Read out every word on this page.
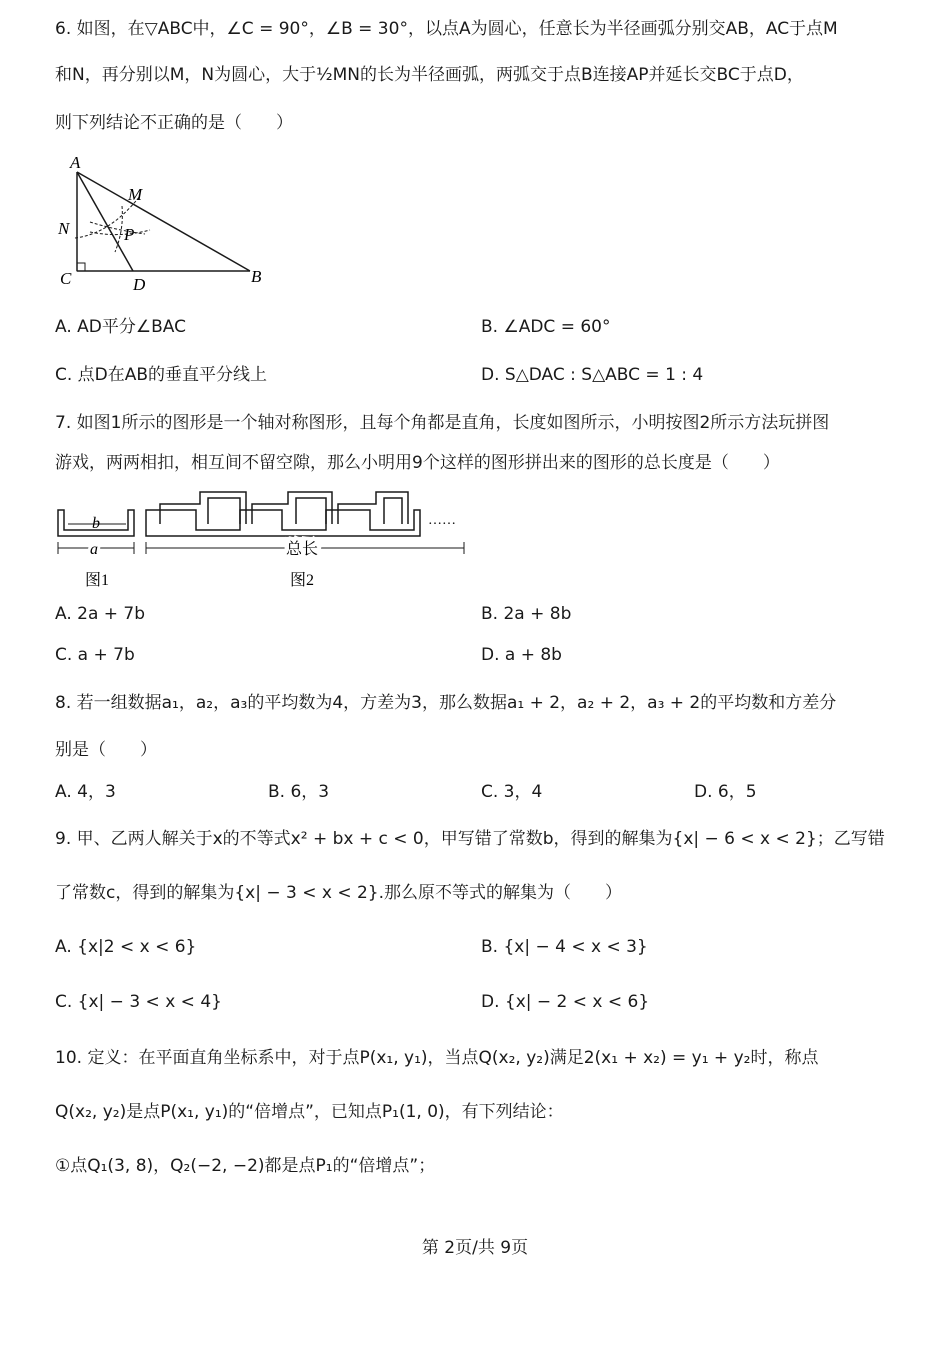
6. 如图，在▽ABC中，∠C = 90°，∠B = 30°，以点A为圆心，任意长为半径画弧分别交AB，AC于点M
和N，再分别以M，N为圆心，大于½MN的长为半径画弧，两弧交于点B连接AP并延长交BC于点D，
则下列结论不正确的是（　　）
A
M
N	P
C	D	B
A. AD平分∠BAC	B. ∠ADC = 60°
C. 点D在AB的垂直平分线上	D. S△DAC : S△ABC = 1 : 4
7. 如图1所示的图形是一个轴对称图形，且每个角都是直角，长度如图所示，小明按图2所示方法玩拼图
游戏，两两相扣，相互间不留空隙，那么小明用9个这样的图形拼出来的图形的总长度是（　　）
b
a
图1
……
总长
图2
A. 2a + 7b	B. 2a + 8b
C. a + 7b	D. a + 8b
8. 若一组数据a₁，a₂，a₃的平均数为4，方差为3，那么数据a₁ + 2，a₂ + 2，a₃ + 2的平均数和方差分
别是（　　）
A. 4，3	B. 6，3	C. 3，4	D. 6，5
9. 甲、乙两人解关于x的不等式x² + bx + c < 0，甲写错了常数b，得到的解集为{x| − 6 < x < 2}；乙写错
了常数c，得到的解集为{x| − 3 < x < 2}.那么原不等式的解集为（　　）
A. {x|2 < x < 6}	B. {x| − 4 < x < 3}
C. {x| − 3 < x < 4}	D. {x| − 2 < x < 6}
10. 定义：在平面直角坐标系中，对于点P(x₁, y₁)，当点Q(x₂, y₂)满足2(x₁ + x₂) = y₁ + y₂时，称点
Q(x₂, y₂)是点P(x₁, y₁)的“倍增点”，已知点P₁(1, 0)，有下列结论：
①点Q₁(3, 8)，Q₂(−2, −2)都是点P₁的“倍增点”；
第 2页/共 9页
